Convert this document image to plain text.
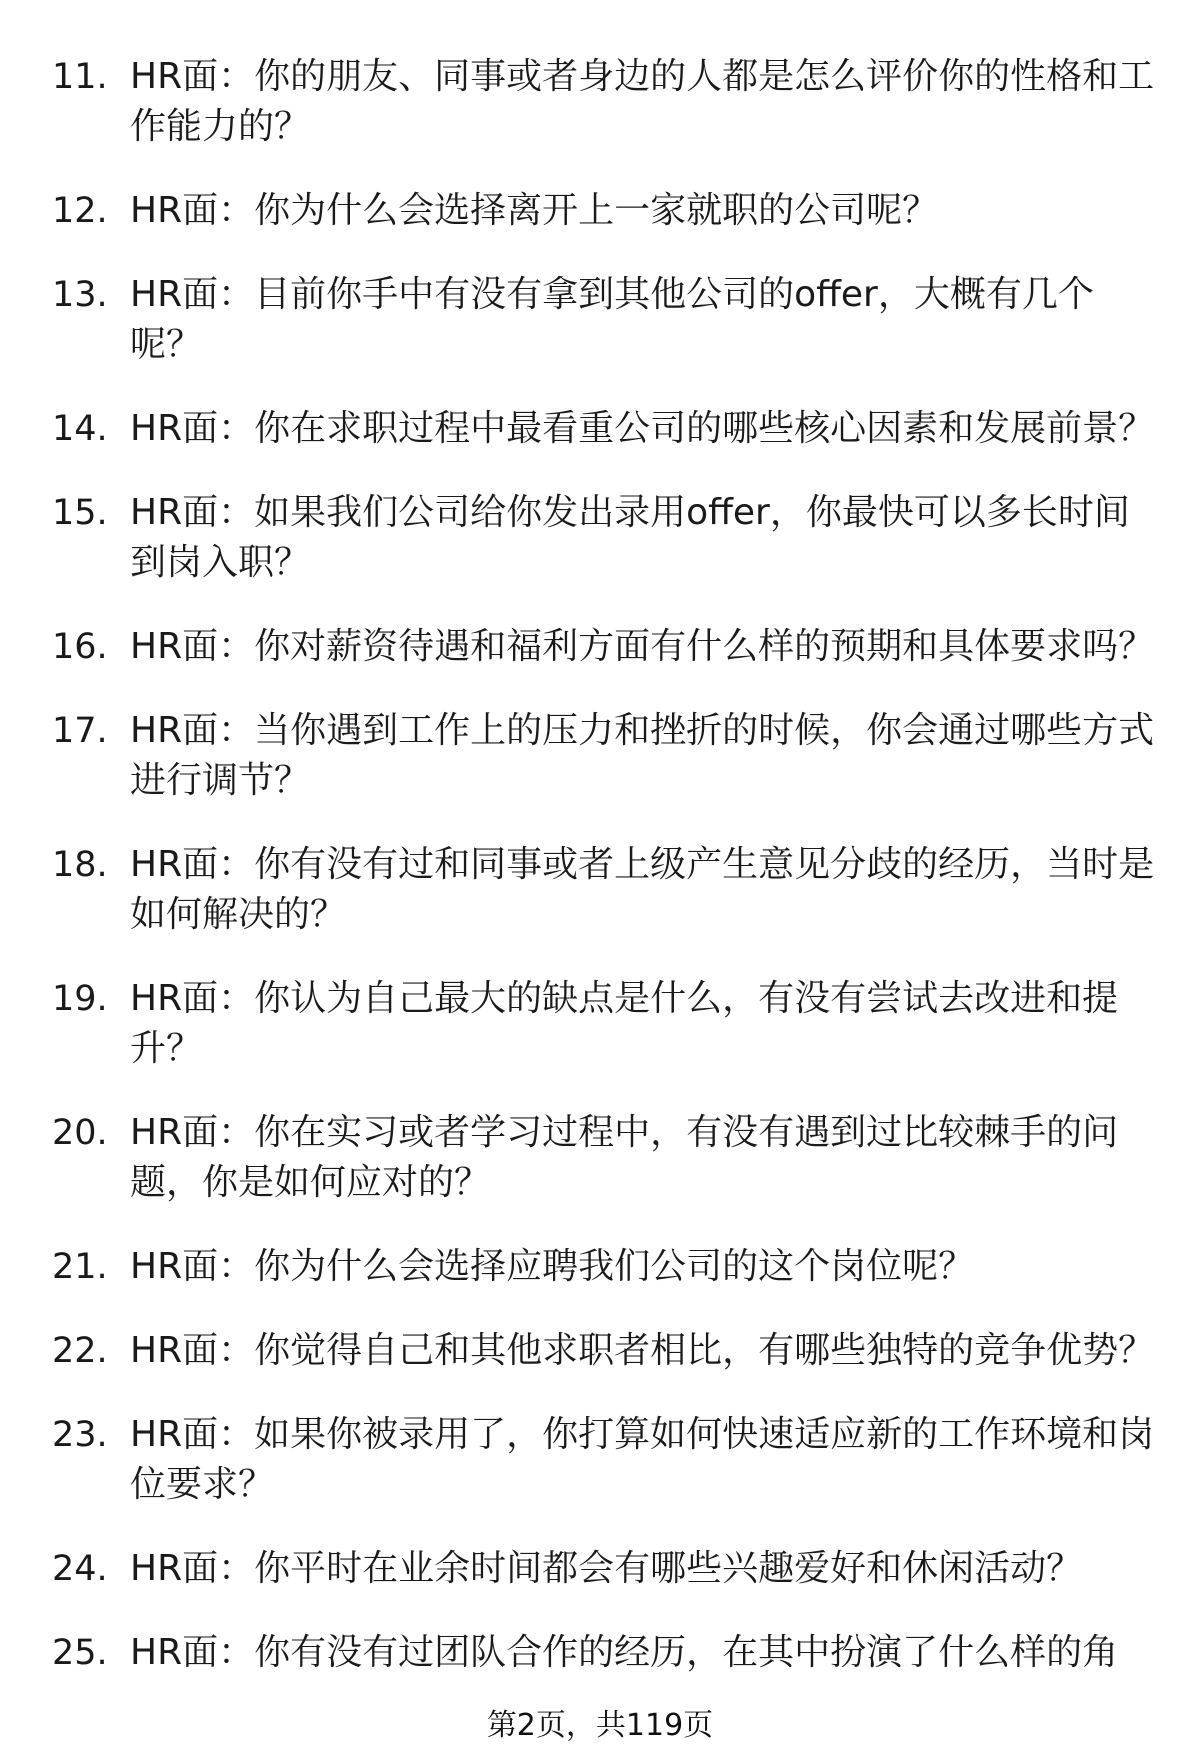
11. HR面：你的朋友、同事或者身边的人都是怎么评价你的性格和工作能力的？
12. HR面：你为什么会选择离开上一家就职的公司呢？
13. HR面：目前你手中有没有拿到其他公司的offer，大概有几个呢？
14. HR面：你在求职过程中最看重公司的哪些核心因素和发展前景？
15. HR面：如果我们公司给你发出录用offer，你最快可以多长时间到岗入职？
16. HR面：你对薪资待遇和福利方面有什么样的预期和具体要求吗？
17. HR面：当你遇到工作上的压力和挫折的时候，你会通过哪些方式进行调节？
18. HR面：你有没有过和同事或者上级产生意见分歧的经历，当时是如何解决的？
19. HR面：你认为自己最大的缺点是什么，有没有尝试去改进和提升？
20. HR面：你在实习或者学习过程中，有没有遇到过比较棘手的问题，你是如何应对的？
21. HR面：你为什么会选择应聘我们公司的这个岗位呢？
22. HR面：你觉得自己和其他求职者相比，有哪些独特的竞争优势？
23. HR面：如果你被录用了，你打算如何快速适应新的工作环境和岗位要求？
24. HR面：你平时在业余时间都会有哪些兴趣爱好和休闲活动？
25. HR面：你有没有过团队合作的经历，在其中扮演了什么样的角
第2页，共119页
